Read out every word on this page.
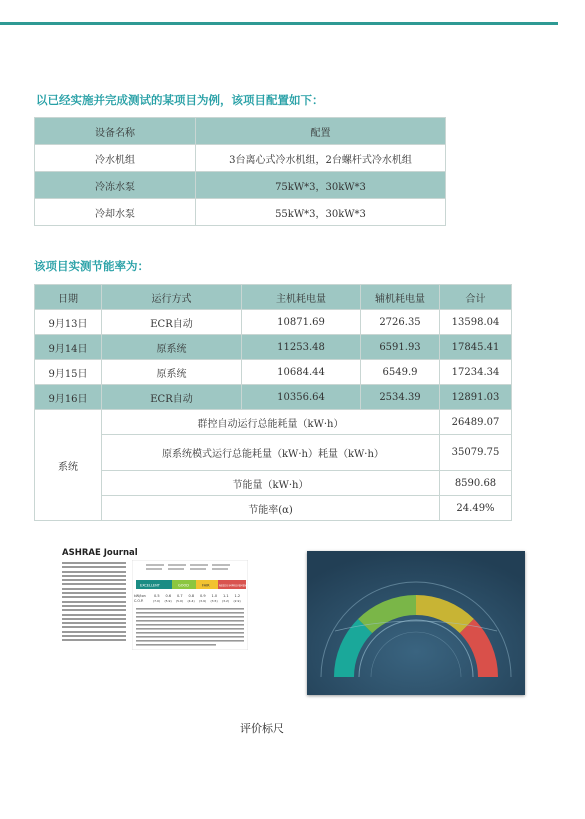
以已经实施并完成测试的某项目为例，该项目配置如下：
设备名称	配置
冷水机组	3台离心式冷水机组，2台螺杆式冷水机组
冷冻水泵	75kW*3，30kW*3
冷却水泵	55kW*3，30kW*3
该项目实测节能率为：
日期	运行方式	主机耗电量	辅机耗电量	合计
9月13日	ECR自动	10871.69	2726.35	13598.04
9月14日	原系统	11253.48	6591.93	17845.41
9月15日	原系统	10684.44	6549.9	17234.34
9月16日	ECR自动	10356.64	2534.39	12891.03
系统	群控自动运行总能耗量（kW·h）			26489.07
	原系统模式运行总能耗量（kW·h）耗量（kW·h）			35079.75
	节能量（kW·h）			8590.68
	节能率(α)			24.49%
ASHRAE Journal
EXCELLENT	GOOD	FAIR	NEEDS IMPROVEMENT
kW/ton
C.O.P.
0.5
(7.0)
0.6
(5.9)
0.7
(5.0)
0.8
(4.4)
0.9
(3.9)
1.0
(3.5)
1.1
(3.2)
1.2
(2.9)
评价标尺
